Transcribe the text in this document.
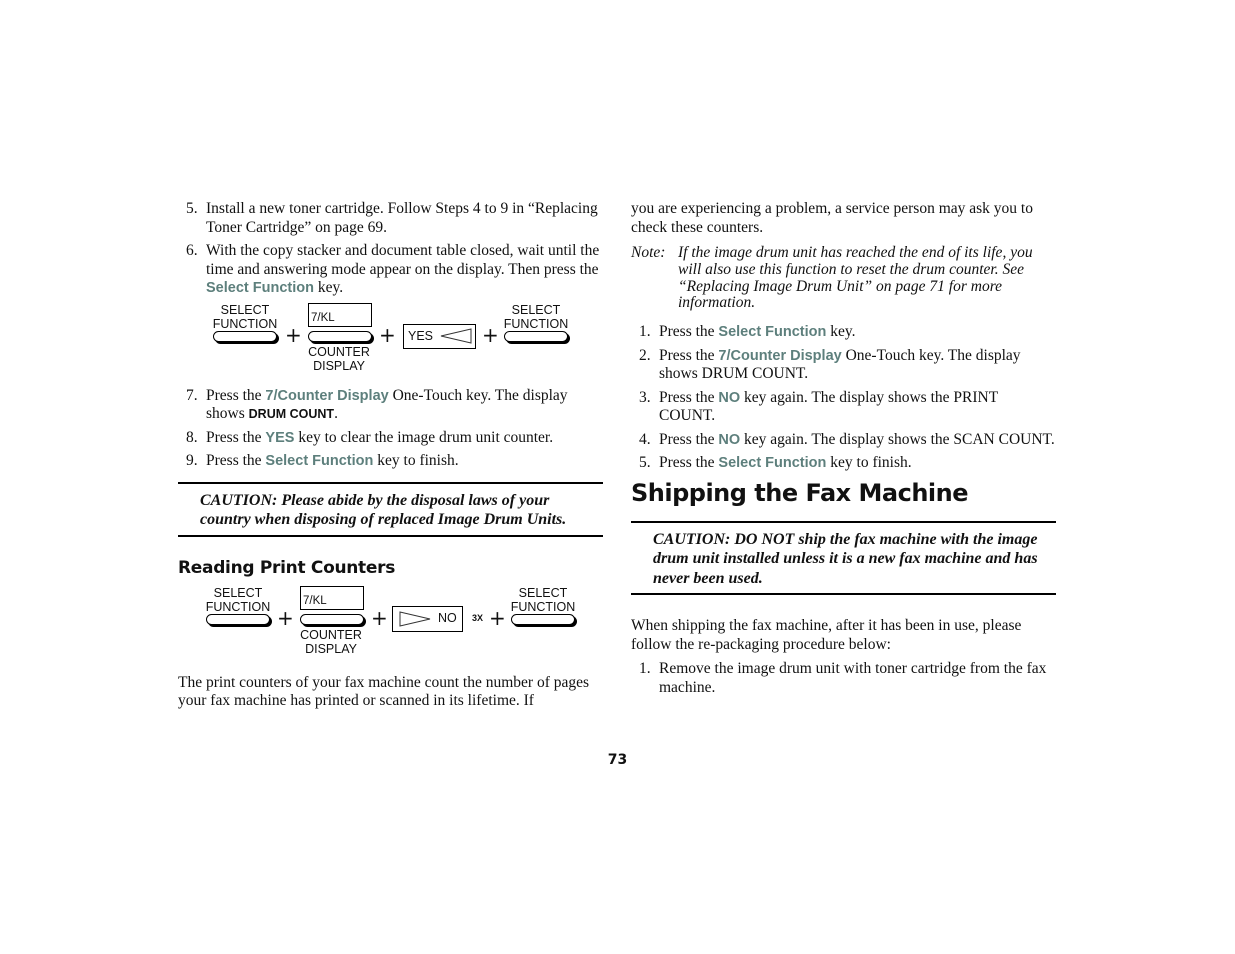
5. Install a new toner cartridge. Follow Steps 4 to 9 in “Replacing Toner Cartridge” on page 69.
6. With the copy stacker and document table closed, wait until the time and answering mode appear on the display. Then press the Select Function key.
SELECT
FUNCTION +
7/KL
COUNTER
DISPLAY
+ YES +
SELECT
FUNCTION
7. Press the 7/Counter Display One-Touch key. The display shows DRUM COUNT.
8. Press the YES key to clear the image drum unit counter.
9. Press the Select Function key to finish.
CAUTION: Please abide by the disposal laws of your country when disposing of replaced Image Drum Units.
Reading Print Counters
SELECT
FUNCTION +
7/KL
COUNTER
DISPLAY
+	NO 3X +
SELECT
FUNCTION

The print counters of your fax machine count the number of pages your fax machine has printed or scanned in its lifetime. If

you are experiencing a problem, a service person may ask you to check these counters.

Note: If the image drum unit has reached the end of its life, you will also use this function to reset the drum counter. See “Replacing Image Drum Unit” on page 71 for more information.
1. Press the Select Function key.
2. Press the 7/Counter Display One-Touch key. The display shows DRUM COUNT.
3. Press the NO key again. The display shows the PRINT COUNT.
4. Press the NO key again. The display shows the SCAN COUNT.
5. Press the Select Function key to finish.
Shipping the Fax Machine
CAUTION: DO NOT ship the fax machine with the image drum unit installed unless it is a new fax machine and has never been used.

When shipping the fax machine, after it has been in use, please follow the re-packaging procedure below:

1. Remove the image drum unit with toner cartridge from the fax machine.
73
